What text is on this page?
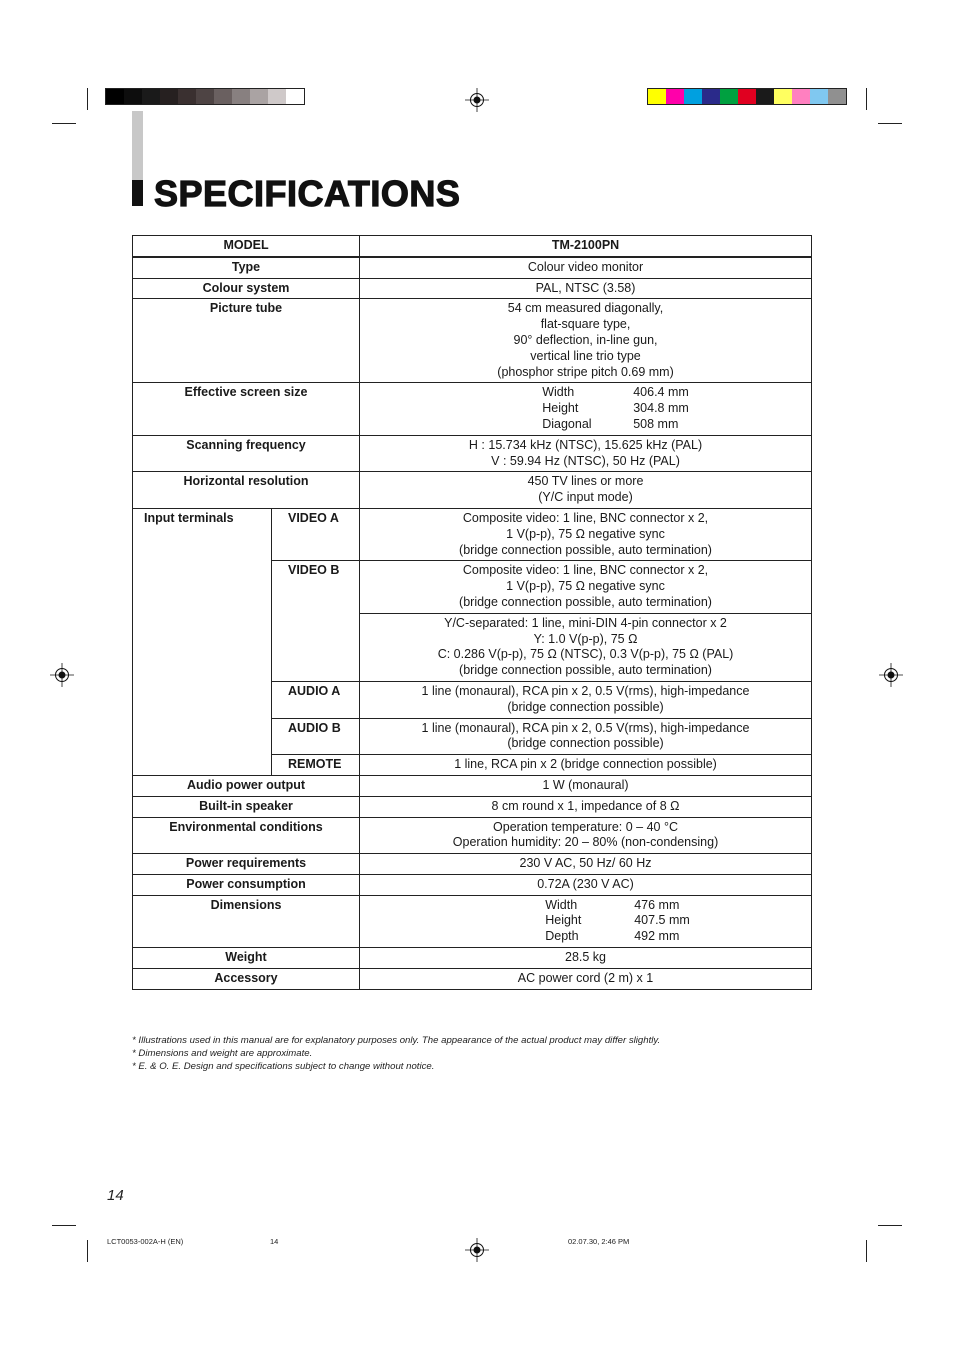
SPECIFICATIONS
MODEL		TM-2100PN
Type		Colour video monitor
Colour system		PAL, NTSC (3.58)
Picture tube		54 cm measured diagonally,
flat-square type,
90° deflection, in-line gun,
vertical line trio type
(phosphor stripe pitch 0.69 mm)

Effective screen size		Width 406.4 mm
Height 304.8 mm
Diagonal 508 mm

Scanning frequency		H : 15.734 kHz (NTSC), 15.625 kHz (PAL)
V : 59.94 Hz (NTSC), 50 Hz (PAL)

Horizontal resolution		450 TV lines or more
(Y/C input mode)

Input terminals	VIDEO A	Composite video: 1 line, BNC connector x 2,
1 V(p-p), 75 Ω negative sync
(bridge connection possible, auto termination)

	VIDEO B	Composite video: 1 line, BNC connector x 2,
1 V(p-p), 75 Ω negative sync
(bridge connection possible, auto termination)

		Y/C-separated: 1 line, mini-DIN 4-pin connector x 2
Y: 1.0 V(p-p), 75 Ω
C: 0.286 V(p-p), 75 Ω (NTSC), 0.3 V(p-p), 75 Ω (PAL)
(bridge connection possible, auto termination)

	AUDIO A	1 line (monaural), RCA pin x 2, 0.5 V(rms), high-impedance
(bridge connection possible)

	AUDIO B	1 line (monaural), RCA pin x 2, 0.5 V(rms), high-impedance
(bridge connection possible)

	REMOTE	1 line, RCA pin x 2 (bridge connection possible)
Audio power output		1 W (monaural)
Built-in speaker		8 cm round x 1, impedance of 8 Ω
Environmental conditions		Operation temperature: 0 – 40 °C
Operation humidity: 20 – 80% (non-condensing)

Power requirements		230 V AC, 50 Hz/ 60 Hz
Power consumption		0.72A (230 V AC)
Dimensions		Width 476 mm
Height 407.5 mm
Depth 492 mm

Weight		28.5 kg
Accessory		AC power cord (2 m) x 1
* Illustrations used in this manual are for explanatory purposes only. The appearance of the actual product may differ slightly.
* Dimensions and weight are approximate.
* E. & O. E. Design and specifications subject to change without notice.
14
LCT0053-002A-H (EN)	14	02.07.30, 2:46 PM
